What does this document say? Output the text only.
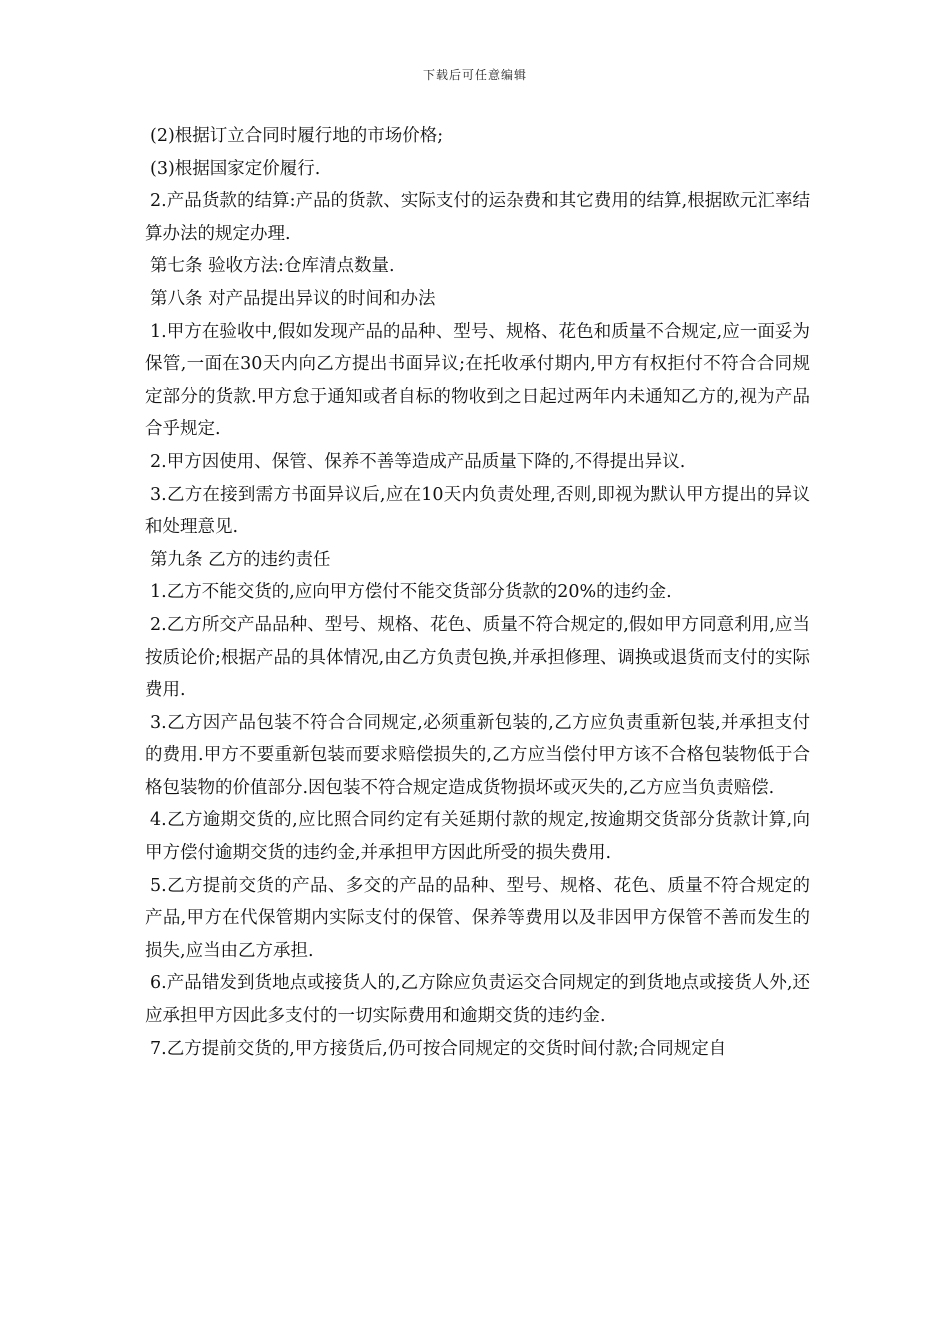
下载后可任意编辑

(2)根据订立合同时履行地的市场价格;

(3)根据国家定价履行.

2.产品货款的结算:产品的货款、实际支付的运杂费和其它费用的结算,根据欧元汇率结算办法的规定办理.

第七条 验收方法:仓库清点数量.

第八条 对产品提出异议的时间和办法

1.甲方在验收中,假如发现产品的品种、型号、规格、花色和质量不合规定,应一面妥为保管,一面在30天内向乙方提出书面异议;在托收承付期内,甲方有权拒付不符合合同规定部分的货款.甲方怠于通知或者自标的物收到之日起过两年内未通知乙方的,视为产品合乎规定.

2.甲方因使用、保管、保养不善等造成产品质量下降的,不得提出异议.

3.乙方在接到需方书面异议后,应在10天内负责处理,否则,即视为默认甲方提出的异议和处理意见.

第九条 乙方的违约责任

1.乙方不能交货的,应向甲方偿付不能交货部分货款的20%的违约金.

2.乙方所交产品品种、型号、规格、花色、质量不符合规定的,假如甲方同意利用,应当按质论价;根据产品的具体情况,由乙方负责包换,并承担修理、调换或退货而支付的实际费用.

3.乙方因产品包装不符合合同规定,必须重新包装的,乙方应负责重新包装,并承担支付的费用.甲方不要重新包装而要求赔偿损失的,乙方应当偿付甲方该不合格包装物低于合格包装物的价值部分.因包装不符合规定造成货物损坏或灭失的,乙方应当负责赔偿.

4.乙方逾期交货的,应比照合同约定有关延期付款的规定,按逾期交货部分货款计算,向甲方偿付逾期交货的违约金,并承担甲方因此所受的损失费用.

5.乙方提前交货的产品、多交的产品的品种、型号、规格、花色、质量不符合规定的产品,甲方在代保管期内实际支付的保管、保养等费用以及非因甲方保管不善而发生的损失,应当由乙方承担.

6.产品错发到货地点或接货人的,乙方除应负责运交合同规定的到货地点或接货人外,还应承担甲方因此多支付的一切实际费用和逾期交货的违约金.

7.乙方提前交货的,甲方接货后,仍可按合同规定的交货时间付款;合同规定自
